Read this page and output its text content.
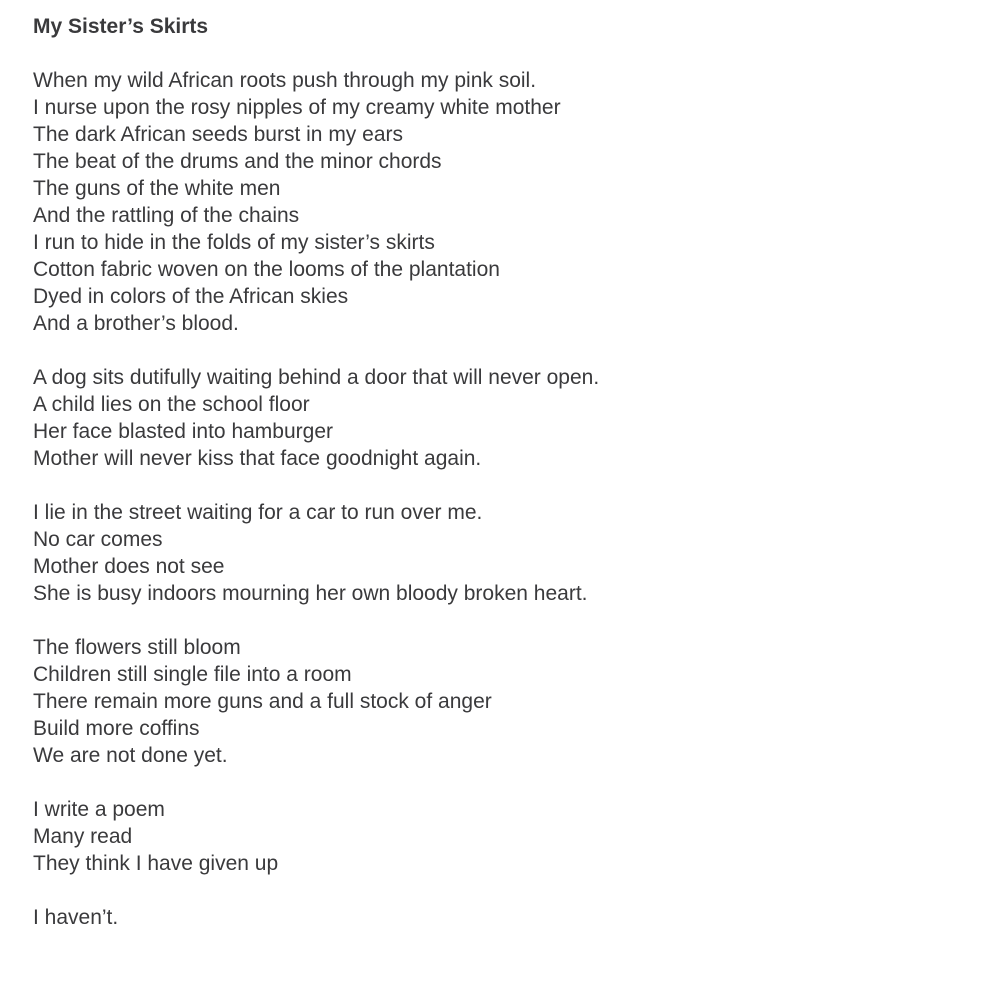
My Sister’s Skirts
When my wild African roots push through my pink soil.
I nurse upon the rosy nipples of my creamy white mother
The dark African seeds burst in my ears
The beat of the drums and the minor chords
The guns of the white men
And the rattling of the chains
I run to hide in the folds of my sister’s skirts
Cotton fabric woven on the looms of the plantation
Dyed in colors of the African skies
And a brother’s blood.
A dog sits dutifully waiting behind a door that will never open.
A child lies on the school floor
Her face blasted into hamburger
Mother will never kiss that face goodnight again.
I lie in the street waiting for a car to run over me.
No car comes
Mother does not see
She is busy indoors mourning her own bloody broken heart.
The flowers still bloom
Children still single file into a room
There remain more guns and a full stock of anger
Build more coffins
We are not done yet.
I write a poem
Many read
They think I have given up
I haven’t.
